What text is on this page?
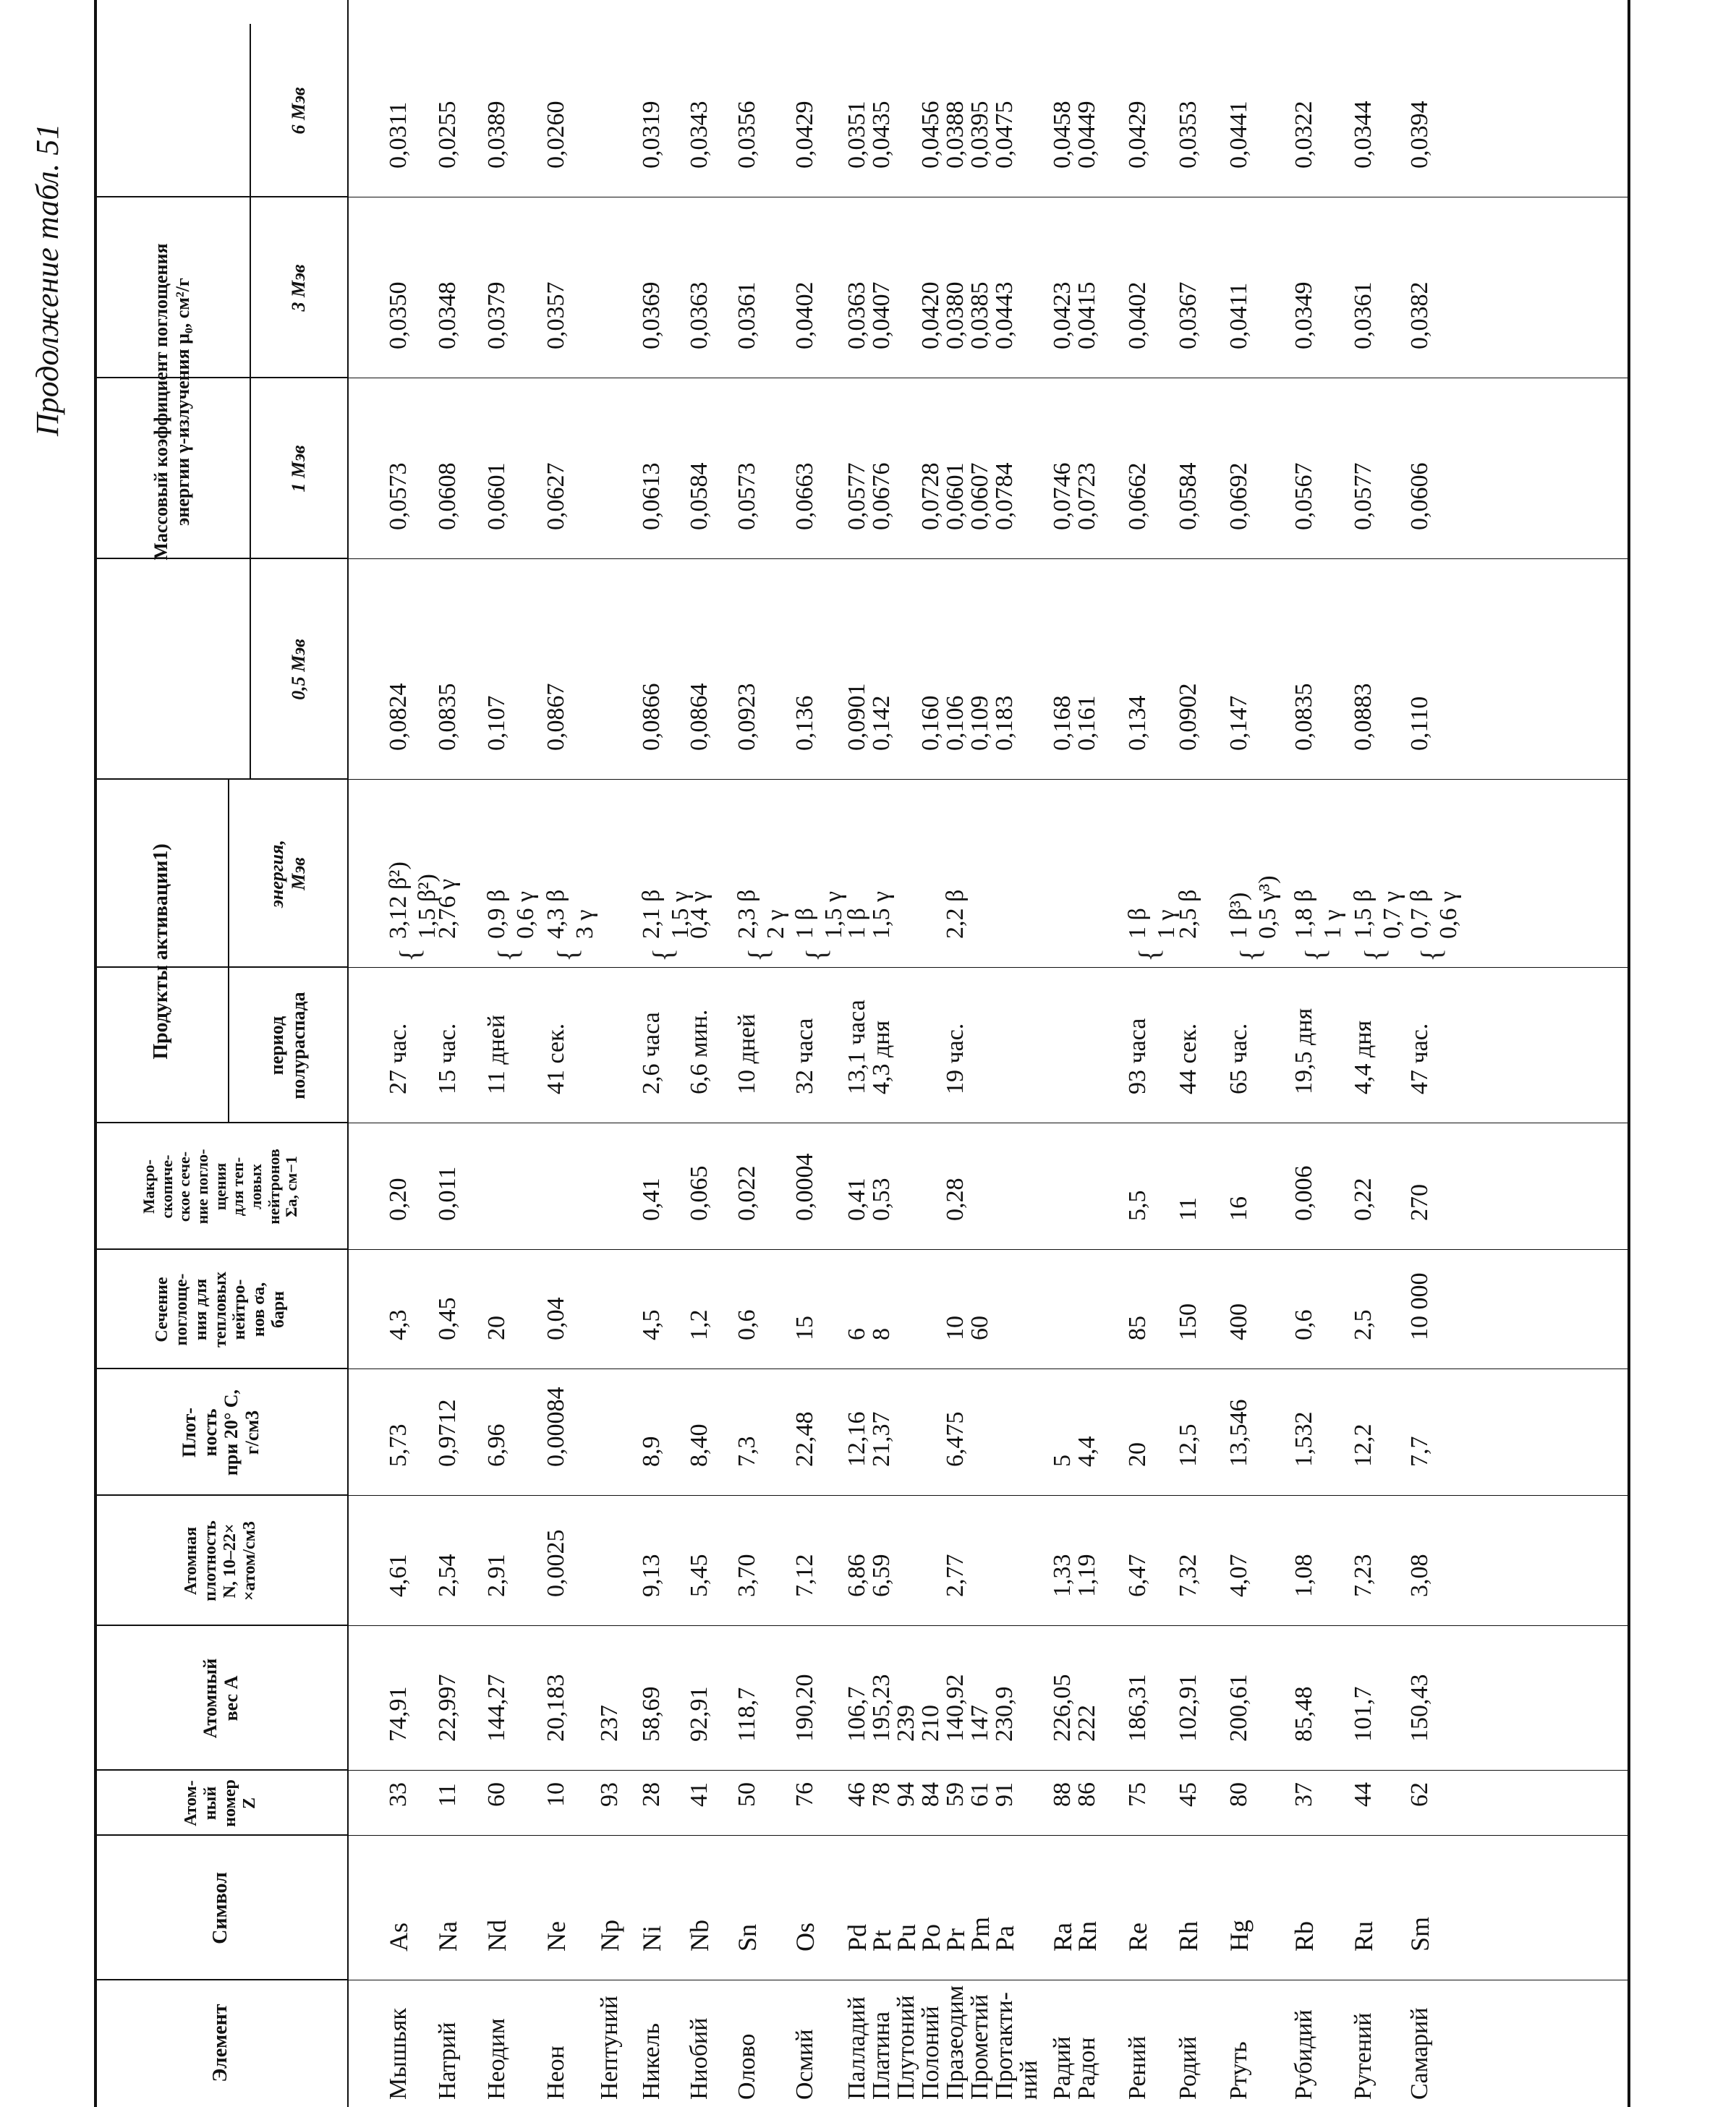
Продолжение табл. 51
Элемент
Символ
Атом- ный номер Z
Атомный вес A
Атомная плотность N, 10–22× ×атом/см3
Плот- ность при 20° С, г/см3
Сечение поглоще- ния для тепловых нейтро- нов σa, барн
Макро- скопиче- ское сече- ние погло- щения для теп- ловых нейтронов Σa, см−1
Продукты активации1)	период полураспада
энергия, Мэв
Массовый коэффициент поглощения энергии γ-излучения μ₀, см²/г
0,5 Мэв
1 Мэв
3 Мэв
6 Мэв
Мышьяк
As
33
74,91
4,61
5,73
4,3
0,20
27 час.
0,0824
0,0573
0,0350
0,0311
3,12 β²) 1,5 β²)
{
Натрий
Na
11
22,997
2,54
0,9712
0,45
0,011
15 час.
0,0835
0,0608
0,0348
0,0255
2,76 γ
Неодим
Nd
60
144,27
2,91
6,96
20
11 дней
0,107
0,0601
0,0379
0,0389
0,9 β 0,6 γ
{
Неон
Ne
10
20,183
0,0025
0,00084
0,04
41 сек.
0,0867
0,0627
0,0357
0,0260
4,3 β 3 γ
{
Нептуний
Np
93
237
Никель
Ni
28
58,69
9,13
8,9
4,5
0,41
2,6 часа
0,0866
0,0613
0,0369
0,0319
2,1 β 1,5 γ
{
Ниобий
Nb
41
92,91
5,45
8,40
1,2
0,065
6,6 мин.
0,0864
0,0584
0,0363
0,0343
0,4 γ
Олово
Sn
50
118,7
3,70
7,3
0,6
0,022
10 дней
0,0923
0,0573
0,0361
0,0356
2,3 β 2 γ
{
Осмий
Os
76
190,20
7,12
22,48
15
0,0004
32 часа
0,136
0,0663
0,0402
0,0429
1 β 1,5 γ
{
Палладий
Pd
46
106,7
6,86
12,16
6
0,41
13,1 часа
0,0901
0,0577
0,0363
0,0351
1 β
Платина
Pt
78
195,23
6,59
21,37
8
0,53
4,3 дня
0,142
0,0676
0,0407
0,0435
1,5 γ
Плутоний
Pu
94
239
Полоний
Po
84
210
0,160
0,0728
0,0420
0,0456
Празеодим
Pr
59
140,92
2,77
6,475
10
0,28
19 час.
0,106
0,0601
0,0380
0,0388
2,2 β
Прометий
Pm
61
147
60
0,109
0,0607
0,0385
0,0395
Протакти-
Pa
91
230,9
0,183
0,0784
0,0443
0,0475
ний Радий
Ra
88
226,05
1,33
5
0,168
0,0746
0,0423
0,0458
Радон
Rn
86
222
1,19
4,4
0,161
0,0723
0,0415
0,0449
Рений
Re
75
186,31
6,47
20
85
5,5
93 часа
0,134
0,0662
0,0402
0,0429
1 β 1 γ
{
Родий
Rh
45
102,91
7,32
12,5
150
11
44 сек.
0,0902
0,0584
0,0367
0,0353
2,5 β
Ртуть
Hg
80
200,61
4,07
13,546
400
16
65 час.
0,147
0,0692
0,0411
0,0441
1 β³) 0,5 γ³)
{
Рубидий
Rb
37
85,48
1,08
1,532
0,6
0,006
19,5 дня
0,0835
0,0567
0,0349
0,0322
1,8 β 1 γ
{
Рутений
Ru
44
101,7
7,23
12,2
2,5
0,22
4,4 дня
0,0883
0,0577
0,0361
0,0344
1,5 β 0,7 γ
{
Самарий
Sm
62
150,43
3,08
7,7
10 000
270
47 час.
0,110
0,0606
0,0382
0,0394
0,7 β 0,6 γ
{
